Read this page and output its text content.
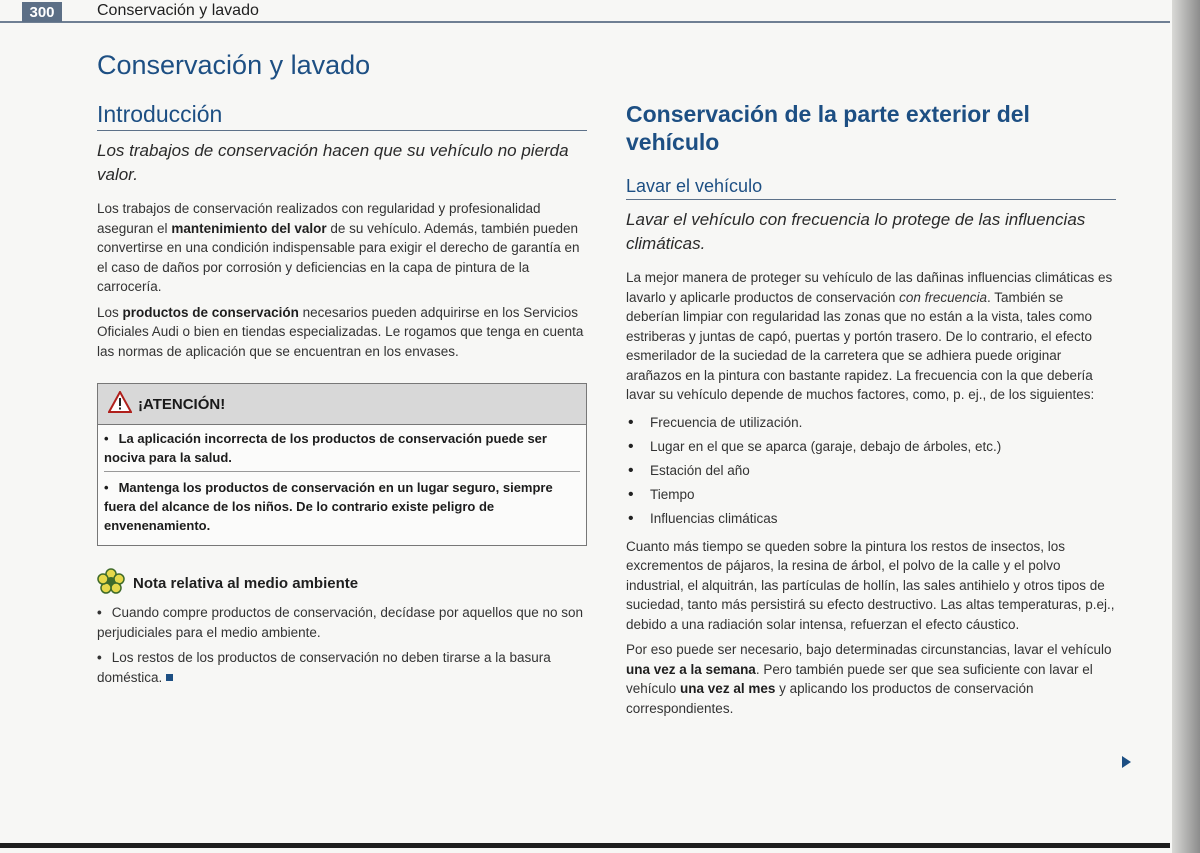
300	Conservación y lavado
Conservación y lavado
Introducción
Los trabajos de conservación hacen que su vehículo no pierda valor.

Los trabajos de conservación realizados con regularidad y profesionalidad aseguran el mantenimiento del valor de su vehículo. Además, también pueden convertirse en una condición indispensable para exigir el derecho de garantía en el caso de daños por corrosión y deficiencias en la capa de pintura de la carrocería.

Los productos de conservación necesarios pueden adquirirse en los Servicios Oficiales Audi o bien en tiendas especializadas. Le rogamos que tenga en cuenta las normas de aplicación que se encuentran en los envases.

¡ATENCIÓN!

• La aplicación incorrecta de los productos de conservación puede ser nociva para la salud.

• Mantenga los productos de conservación en un lugar seguro, siempre fuera del alcance de los niños. De lo contrario existe peligro de envenenamiento.

Nota relativa al medio ambiente

• Cuando compre productos de conservación, decídase por aquellos que no son perjudiciales para el medio ambiente.

• Los restos de los productos de conservación no deben tirarse a la basura doméstica.

Conservación de la parte exterior del vehículo
Lavar el vehículo
Lavar el vehículo con frecuencia lo protege de las influencias climáticas.

La mejor manera de proteger su vehículo de las dañinas influencias climáticas es lavarlo y aplicarle productos de conservación con frecuencia. También se deberían limpiar con regularidad las zonas que no están a la vista, tales como estriberas y juntas de capó, puertas y portón trasero. De lo contrario, el efecto esmerilador de la suciedad de la carretera que se adhiera puede originar arañazos en la pintura con bastante rapidez. La frecuencia con la que debería lavar su vehículo depende de muchos factores, como, p. ej., de los siguientes:

• Frecuencia de utilización.
• Lugar en el que se aparca (garaje, debajo de árboles, etc.)
• Estación del año
• Tiempo
• Influencias climáticas

Cuanto más tiempo se queden sobre la pintura los restos de insectos, los excrementos de pájaros, la resina de árbol, el polvo de la calle y el polvo industrial, el alquitrán, las partículas de hollín, las sales antihielo y otros tipos de suciedad, tanto más persistirá su efecto destructivo. Las altas temperaturas, p.ej., debido a una radiación solar intensa, refuerzan el efecto cáustico.

Por eso puede ser necesario, bajo determinadas circunstancias, lavar el vehículo una vez a la semana. Pero también puede ser que sea suficiente con lavar el vehículo una vez al mes y aplicando los productos de conservación correspondientes.
